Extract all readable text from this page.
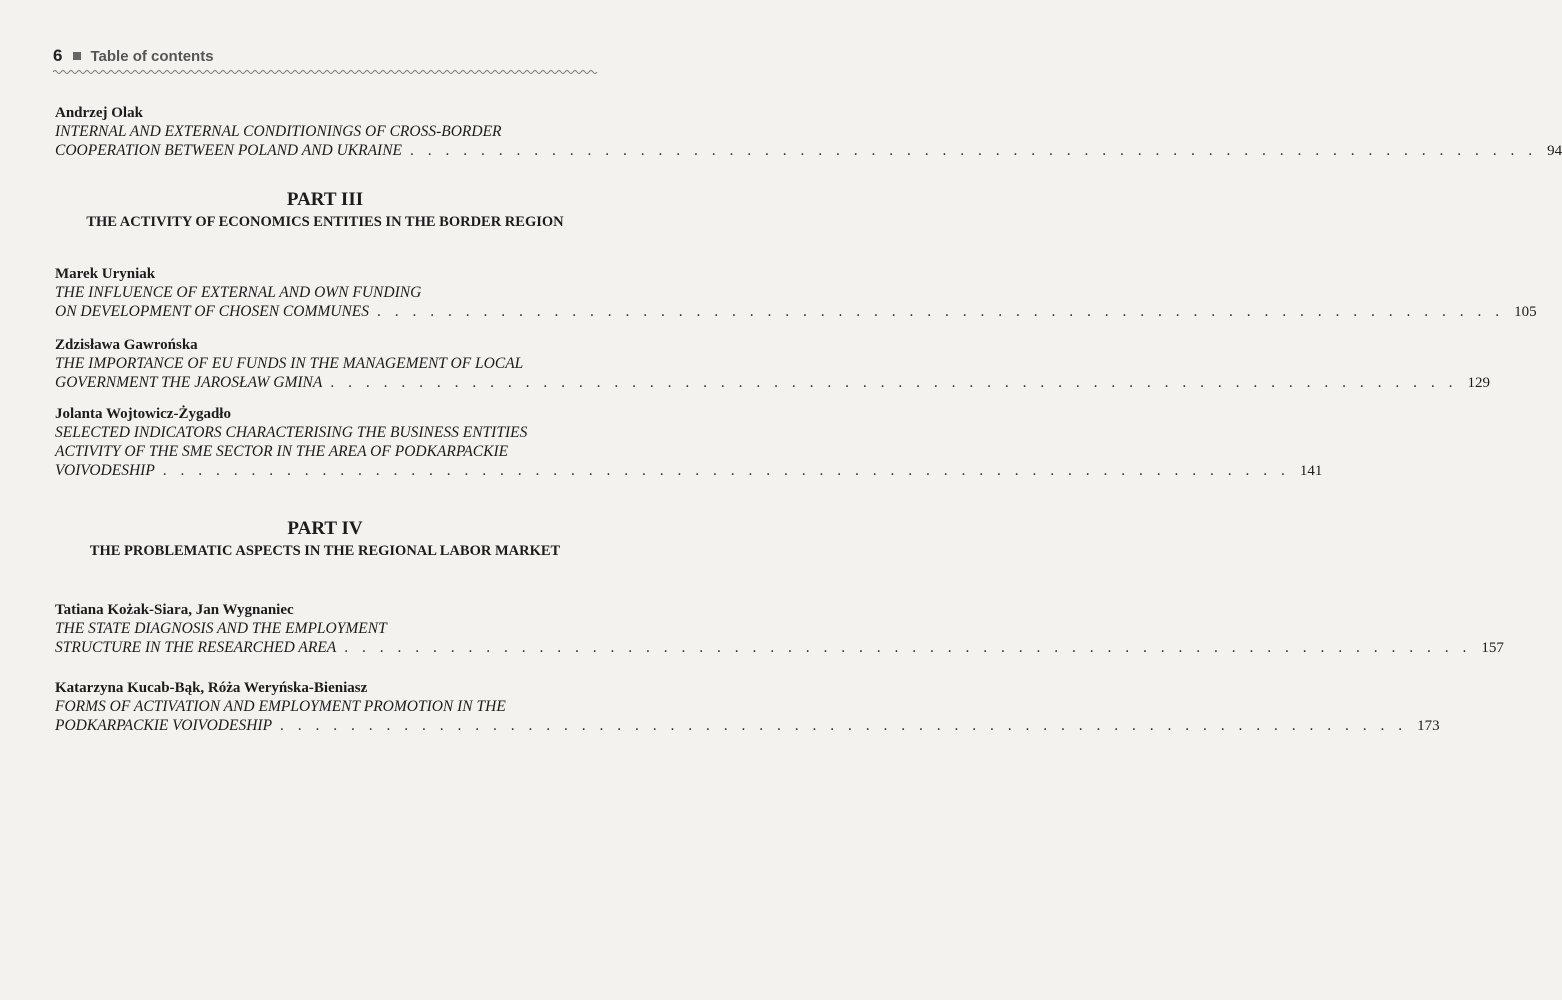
6 Table of contents

Andrzej Olak

INTERNAL AND EXTERNAL CONDITIONINGS OF CROSS-BORDER

COOPERATION BETWEEN POLAND AND UKRAINE . . . . . . . . . . . . . . . . . . . . . . . . . . . . . . . . . . . . . . . . . . . . . . . . . . . . . . . . . . . . . . . . 94

PART III

THE ACTIVITY OF ECONOMICS ENTITIES IN THE BORDER REGION

Marek Uryniak

THE INFLUENCE OF EXTERNAL AND OWN FUNDING

ON DEVELOPMENT OF CHOSEN COMMUNES . . . . . . . . . . . . . . . . . . . . . . . . . . . . . . . . . . . . . . . . . . . . . . . . . . . . . . . . . . . . . . . . 105

Zdzisława Gawrońska

THE IMPORTANCE OF EU FUNDS IN THE MANAGEMENT OF LOCAL

GOVERNMENT THE JAROSŁAW GMINA . . . . . . . . . . . . . . . . . . . . . . . . . . . . . . . . . . . . . . . . . . . . . . . . . . . . . . . . . . . . . . . . 129

Jolanta Wojtowicz-Żygadło

SELECTED INDICATORS CHARACTERISING THE BUSINESS ENTITIES

ACTIVITY OF THE SME SECTOR IN THE AREA OF PODKARPACKIE

VOIVODESHIP . . . . . . . . . . . . . . . . . . . . . . . . . . . . . . . . . . . . . . . . . . . . . . . . . . . . . . . . . . . . . . . . 141

PART IV

THE PROBLEMATIC ASPECTS IN THE REGIONAL LABOR MARKET

Tatiana Kożak-Siara, Jan Wygnaniec

THE STATE DIAGNOSIS AND THE EMPLOYMENT

STRUCTURE IN THE RESEARCHED AREA . . . . . . . . . . . . . . . . . . . . . . . . . . . . . . . . . . . . . . . . . . . . . . . . . . . . . . . . . . . . . . . . 157

Katarzyna Kucab-Bąk, Róża Weryńska-Bieniasz

FORMS OF ACTIVATION AND EMPLOYMENT PROMOTION IN THE

PODKARPACKIE VOIVODESHIP . . . . . . . . . . . . . . . . . . . . . . . . . . . . . . . . . . . . . . . . . . . . . . . . . . . . . . . . . . . . . . . . 173
